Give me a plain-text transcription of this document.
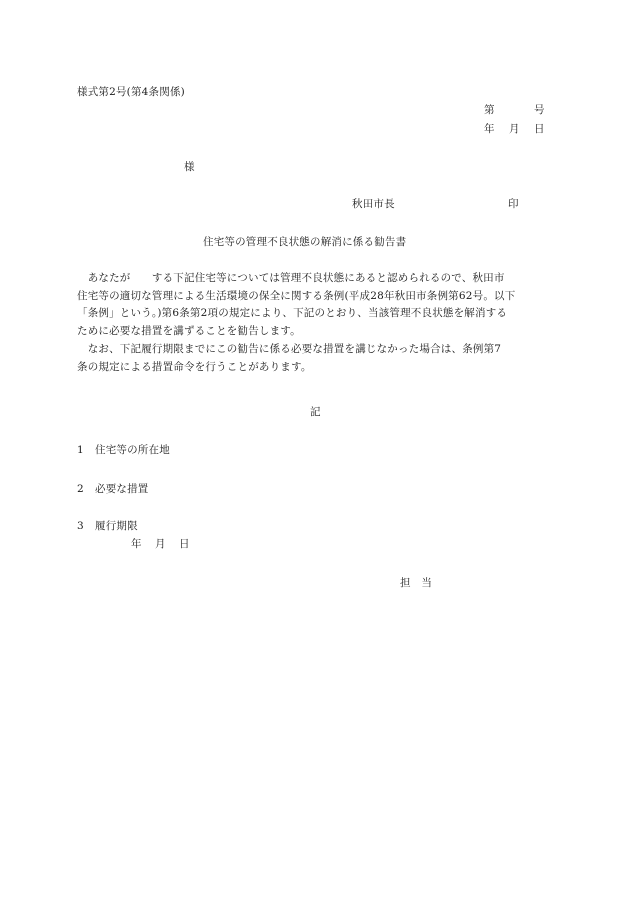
様式第2号(第4条関係)
第	号
年 月 日
様
秋田市長	印
住宅等の管理不良状態の解消に係る勧告書

　あなたが　　する下記住宅等については管理不良状態にあると認められるので、秋田市

住宅等の適切な管理による生活環境の保全に関する条例(平成28年秋田市条例第62号。以下

「条例」という。)第6条第2項の規定により、下記のとおり、当該管理不良状態を解消する

ために必要な措置を講ずることを勧告します。

　なお、下記履行期限までにこの勧告に係る必要な措置を講じなかった場合は、条例第7

条の規定による措置命令を行うことがあります。

記
1 住宅等の所在地
2 必要な措置
3 履行期限
年 月 日
担　当
